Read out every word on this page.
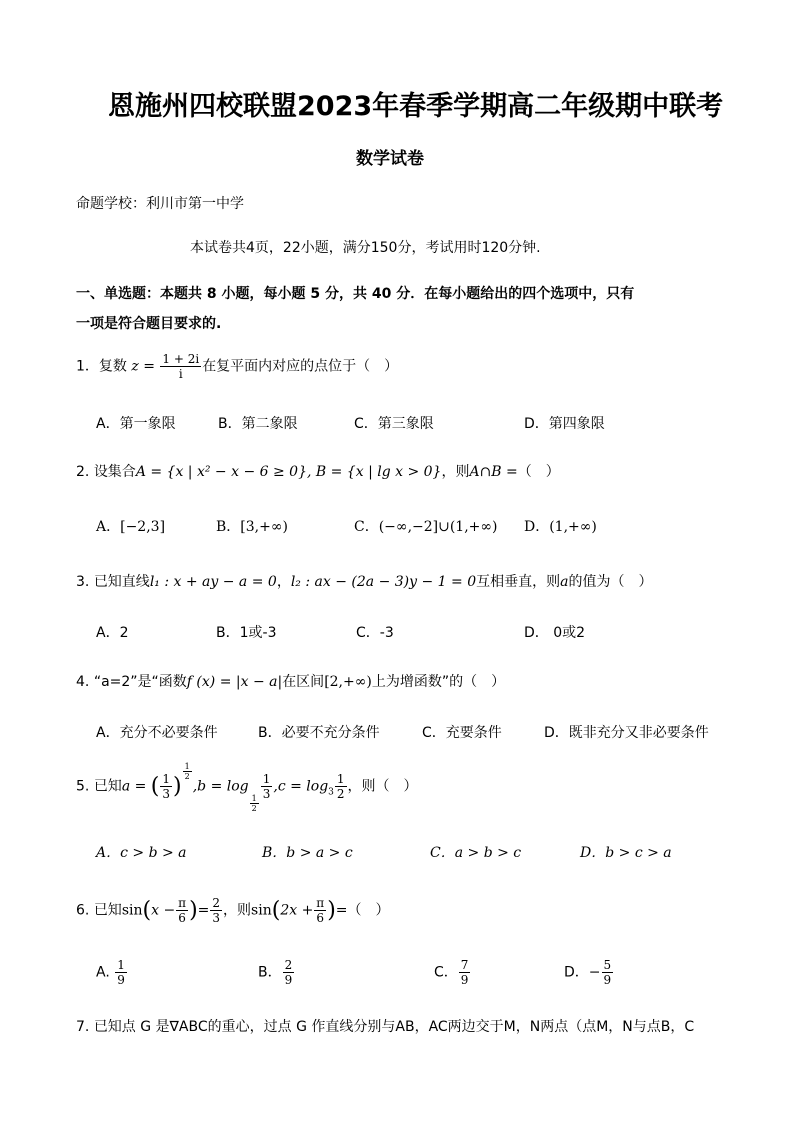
恩施州四校联盟2023年春季学期高二年级期中联考
数学试卷
命题学校：利川市第一中学
本试卷共4页，22小题，满分150分，考试用时120分钟.
一、单选题：本题共 8 小题，每小题 5 分，共 40 分．在每小题给出的四个选项中，只有
一项是符合题目要求的.
1．复数 $z = \frac{1 + 2i}{i}$ 在复平面内对应的点位于（　）
A．第一象限	B．第二象限	C．第三象限	D．第四象限
2. 设集合A = {x | x² − x − 6 ≥ 0}, B = {x | lg x > 0}，则A∩B =（　）
A．[−2,3]	B．[3,+∞)	C．(−∞,−2]∪(1,+∞) D．(1,+∞)
3. 已知直线l₁ : x + ay − a = 0，l₂ : ax − (2a − 3)y − 1 = 0互相垂直，则a的值为（　）
A．2	B．1或-3	C．-3	D． 0或2
4. “a=2”是“函数f (x) = |x − a|在区间[2,+∞)上为增函数”的（　）
A．充分不必要条件	B．必要不充分条件	C．充要条件	D．既非充分又非必要条件
5. 已知a = ( $\frac{1}{3}$ )
$^{\frac{1}{2}}$
,b = log
$\frac{1}{2}$
$\frac{1}{3} ,c = \log_3 \frac{1}{2}$ ，则（　）
A．c > b > a	B．b > a > c	C．a > b > c	D．b > c > a
6. 已知$\sin(x - \frac{\pi}{6}$ )= $\frac{2}{3}$ ，则$\sin(2x + \frac{\pi}{6}$ )=（　）
A. $\frac{1}{9}$	B． $\frac{2}{9}$	C． $\frac{7}{9}$	D．− $\frac{5}{9}$
7. 已知点 G 是∇ABC的重心，过点 G 作直线分别与AB，AC两边交于M，N两点（点M，N与点B，C
